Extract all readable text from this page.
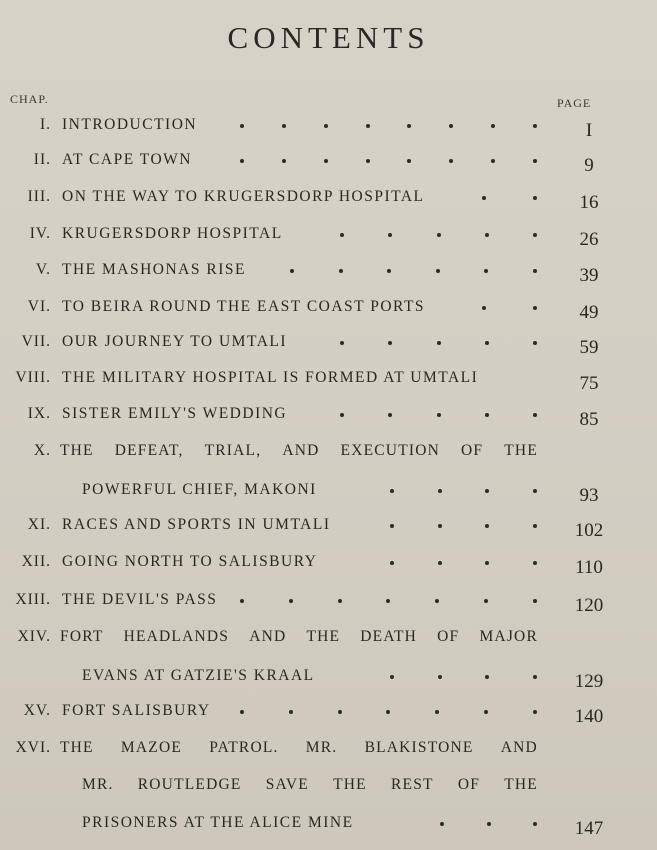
CONTENTS
CHAP.	PAGE
I .	INTRODUCTION	I
II .	AT CAPE TOWN	9
III .	ON THE WAY TO KRUGERSDORP HOSPITAL	16
IV .	KRUGERSDORP HOSPITAL	26
V .	THE MASHONAS RISE	39
VI .	TO BEIRA ROUND THE EAST COAST PORTS	49
VII .	OUR JOURNEY TO UMTALI	59
VIII .	THE MILITARY HOSPITAL IS FORMED AT UMTALI	75
IX .	SISTER EMILY'S WEDDING	85
X . THE DEFEAT, TRIAL, AND EXECUTION OF THE
POWERFUL CHIEF, MAKONI	93
XI .	RACES AND SPORTS IN UMTALI	102
XII .	GOING NORTH TO SALISBURY	110
XIII .	THE DEVIL'S PASS	120
XIV . FORT HEADLANDS AND THE DEATH OF MAJOR
EVANS AT GATZIE'S KRAAL	129
XV .	FORT SALISBURY	140
XVI . THE MAZOE PATROL. MR. BLAKISTONE AND
MR. ROUTLEDGE SAVE THE REST OF THE
PRISONERS AT THE ALICE MINE	147
